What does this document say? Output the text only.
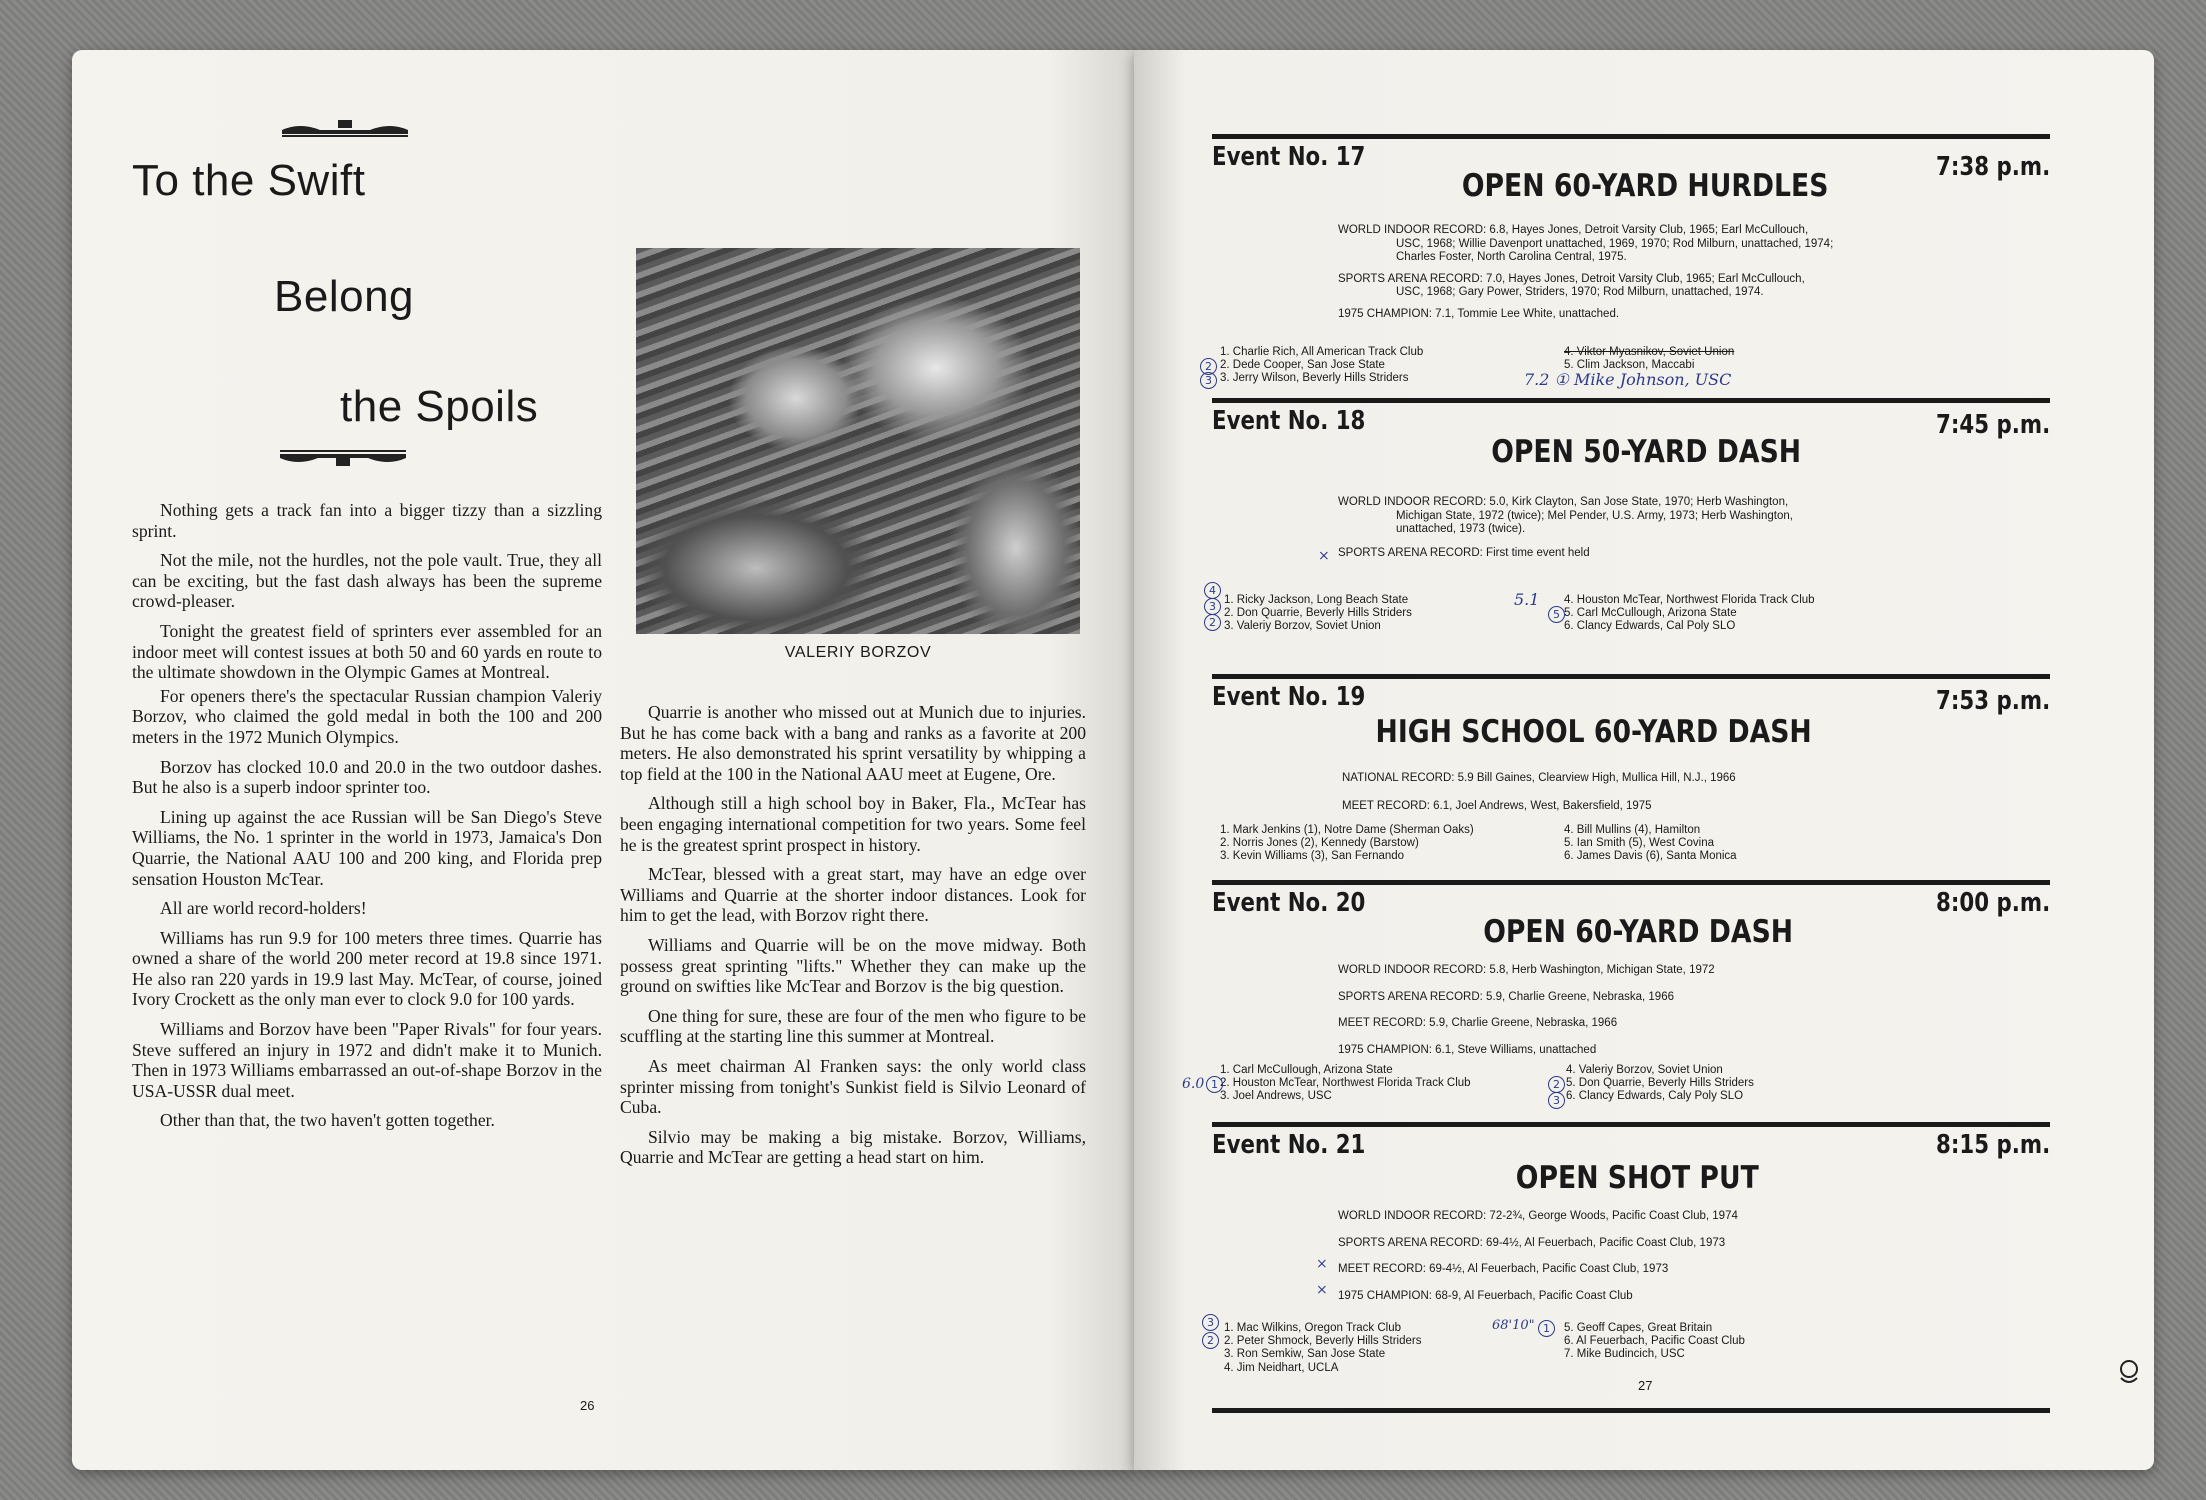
To the Swift
Belong
the Spoils

Nothing gets a track fan into a bigger tizzy than a sizzling sprint.

Not the mile, not the hurdles, not the pole vault. True, they all can be exciting, but the fast dash always has been the supreme crowd-pleaser.

Tonight the greatest field of sprinters ever assembled for an indoor meet will contest issues at both 50 and 60 yards en route to the ultimate showdown in the Olympic Games at Montreal.

For openers there's the spectacular Russian champion Valeriy Borzov, who claimed the gold medal in both the 100 and 200 meters in the 1972 Munich Olympics.

Borzov has clocked 10.0 and 20.0 in the two outdoor dashes. But he also is a superb indoor sprinter too.

Lining up against the ace Russian will be San Diego's Steve Williams, the No. 1 sprinter in the world in 1973, Jamaica's Don Quarrie, the National AAU 100 and 200 king, and Florida prep sensation Houston McTear.

All are world record-holders!

Williams has run 9.9 for 100 meters three times. Quarrie has owned a share of the world 200 meter record at 19.8 since 1971. He also ran 220 yards in 19.9 last May. McTear, of course, joined Ivory Crockett as the only man ever to clock 9.0 for 100 yards.

Williams and Borzov have been "Paper Rivals" for four years. Steve suffered an injury in 1972 and didn't make it to Munich. Then in 1973 Williams embarrassed an out-of-shape Borzov in the USA-USSR dual meet.

Other than that, the two haven't gotten together.

VALERIY BORZOV

Quarrie is another who missed out at Munich due to injuries. But he has come back with a bang and ranks as a favorite at 200 meters. He also demonstrated his sprint versatility by whipping a top field at the 100 in the National AAU meet at Eugene, Ore.

Although still a high school boy in Baker, Fla., McTear has been engaging international competition for two years. Some feel he is the greatest sprint prospect in history.

McTear, blessed with a great start, may have an edge over Williams and Quarrie at the shorter indoor distances. Look for him to get the lead, with Borzov right there.

Williams and Quarrie will be on the move midway. Both possess great sprinting "lifts." Whether they can make up the ground on swifties like McTear and Borzov is the big question.

One thing for sure, these are four of the men who figure to be scuffling at the starting line this summer at Montreal.

As meet chairman Al Franken says: the only world class sprinter missing from tonight's Sunkist field is Silvio Leonard of Cuba.

Silvio may be making a big mistake. Borzov, Williams, Quarrie and McTear are getting a head start on him.

26
Event No. 17	7:38 p.m.
OPEN 60-YARD HURDLES
WORLD INDOOR RECORD: 6.8, Hayes Jones, Detroit Varsity Club, 1965; Earl McCullouch,
USC, 1968; Willie Davenport unattached, 1969, 1970; Rod Milburn, unattached, 1974;
Charles Foster, North Carolina Central, 1975.
SPORTS ARENA RECORD: 7.0, Hayes Jones, Detroit Varsity Club, 1965; Earl McCullouch,
USC, 1968; Gary Power, Striders, 1970; Rod Milburn, unattached, 1974.
1975 CHAMPION: 7.1, Tommie Lee White, unattached.
1. Charlie Rich, All American Track Club
2. Dede Cooper, San Jose State
3. Jerry Wilson, Beverly Hills Striders
4. Viktor Myasnikov, Soviet Union
5. Clim Jackson, Maccabi
2
3	7.2 ① Mike Johnson, USC
Event No. 18	7:45 p.m.
OPEN 50-YARD DASH
WORLD INDOOR RECORD: 5.0, Kirk Clayton, San Jose State, 1970; Herb Washington,
Michigan State, 1972 (twice); Mel Pender, U.S. Army, 1973; Herb Washington,
unattached, 1973 (twice).
SPORTS ARENA RECORD: First time event held
×
1. Ricky Jackson, Long Beach State
2. Don Quarrie, Beverly Hills Striders
3. Valeriy Borzov, Soviet Union
4. Houston McTear, Northwest Florida Track Club
5. Carl McCullough, Arizona State
6. Clancy Edwards, Cal Poly SLO
4
3
2
5.1
5
Event No. 19	7:53 p.m.
HIGH SCHOOL 60-YARD DASH
NATIONAL RECORD: 5.9 Bill Gaines, Clearview High, Mullica Hill, N.J., 1966
MEET RECORD: 6.1, Joel Andrews, West, Bakersfield, 1975
1. Mark Jenkins (1), Notre Dame (Sherman Oaks)
2. Norris Jones (2), Kennedy (Barstow)
3. Kevin Williams (3), San Fernando
4. Bill Mullins (4), Hamilton
5. Ian Smith (5), West Covina
6. James Davis (6), Santa Monica
Event No. 20	8:00 p.m.
OPEN 60-YARD DASH
WORLD INDOOR RECORD: 5.8, Herb Washington, Michigan State, 1972
SPORTS ARENA RECORD: 5.9, Charlie Greene, Nebraska, 1966
MEET RECORD: 5.9, Charlie Greene, Nebraska, 1966
1975 CHAMPION: 6.1, Steve Williams, unattached
1. Carl McCullough, Arizona State
2. Houston McTear, Northwest Florida Track Club
3. Joel Andrews, USC
4. Valeriy Borzov, Soviet Union
5. Don Quarrie, Beverly Hills Striders
6. Clancy Edwards, Caly Poly SLO
6.0 1	2
3
Event No. 21	8:15 p.m.
OPEN SHOT PUT
WORLD INDOOR RECORD: 72-2¾, George Woods, Pacific Coast Club, 1974
SPORTS ARENA RECORD: 69-4½, Al Feuerbach, Pacific Coast Club, 1973
MEET RECORD: 69-4½, Al Feuerbach, Pacific Coast Club, 1973
1975 CHAMPION: 68-9, Al Feuerbach, Pacific Coast Club
×
×
1. Mac Wilkins, Oregon Track Club
2. Peter Shmock, Beverly Hills Striders
3. Ron Semkiw, San Jose State
4. Jim Neidhart, UCLA
5. Geoff Capes, Great Britain
6. Al Feuerbach, Pacific Coast Club
7. Mike Budincich, USC
3
2
68'10" 1
27
